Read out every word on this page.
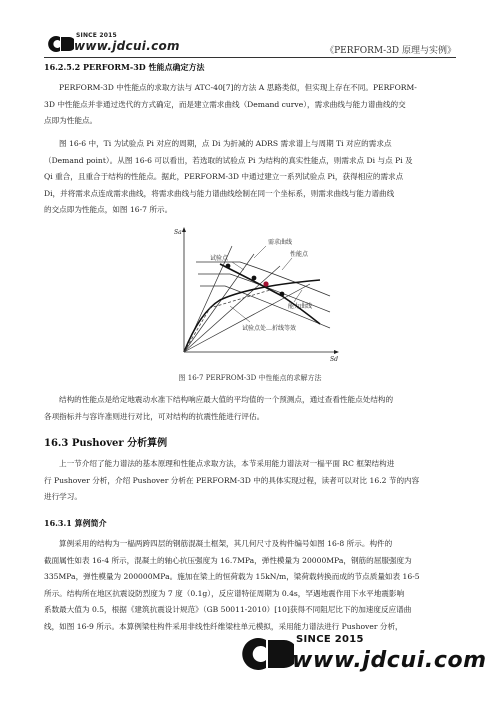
SINCE 2015
www.jdcui.com	《PERFORM-3D 原理与实例》
16.2.5.2 PERFORM-3D 性能点确定方法
PERFORM-3D 中性能点的求取方法与 ATC-40[7]的方法 A 思路类似，但实现上存在不同。PERFORM-
3D 中性能点并非通过迭代的方式确定，而是建立需求曲线（Demand curve），需求曲线与能力谱曲线的交
点即为性能点。
图 16-6 中，Ti 为试验点 Pi 对应的周期，点 Di 为折减的 ADRS 需求谱上与周期 Ti 对应的需求点
（Demand point）。从图 16-6 可以看出，若选取的试验点 Pi 为结构的真实性能点，则需求点 Di 与点 Pi 及
Qi 重合，且重合于结构的性能点。据此，PERFORM-3D 中通过建立一系列试验点 Pi，获得相应的需求点
Di，并将需求点连成需求曲线，将需求曲线与能力谱曲线绘制在同一个坐标系，则需求曲线与能力谱曲线
的交点即为性能点，如图 16-7 所示。
Sa
Sd
需求曲线
试验点
性能点
能力曲线
试验点处…折线等效
图 16-7 PERFROM-3D 中性能点的求解方法
结构的性能点是给定地震动水准下结构响应最大值的平均值的一个预测点，通过查看性能点处结构的
各项指标并与容许准则进行对比，可对结构的抗震性能进行评估。
16.3 Pushover 分析算例
上一节介绍了能力谱法的基本原理和性能点求取方法，本节采用能力谱法对一榀平面 RC 框架结构进
行 Pushover 分析，介绍 Pushover 分析在 PERFORM-3D 中的具体实现过程，读者可以对比 16.2 节的内容
进行学习。
16.3.1 算例简介
算例采用的结构为一榀两跨四层的钢筋混凝土框架，其几何尺寸及构件编号如图 16-8 所示。构件的
截面属性如表 16-4 所示，混凝土的轴心抗压强度为 16.7MPa，弹性模量为 20000MPa，钢筋的屈服强度为
335MPa，弹性模量为 200000MPa。施加在梁上的恒荷载为 15kN/m，梁荷载转换而成的节点质量如表 16-5
所示。结构所在地区抗震设防烈度为 7 度（0.1g），反应谱特征周期为 0.4s，罕遇地震作用下水平地震影响
系数最大值为 0.5，根据《建筑抗震设计规范》（GB 50011-2010）[10]获得不同阻尼比下的加速度反应谱曲
线，如图 16-9 所示。本算例梁柱构件采用非线性纤维梁柱单元模拟，采用能力谱法进行 Pushover 分析，
SINCE 2015
www.jdcui.com
